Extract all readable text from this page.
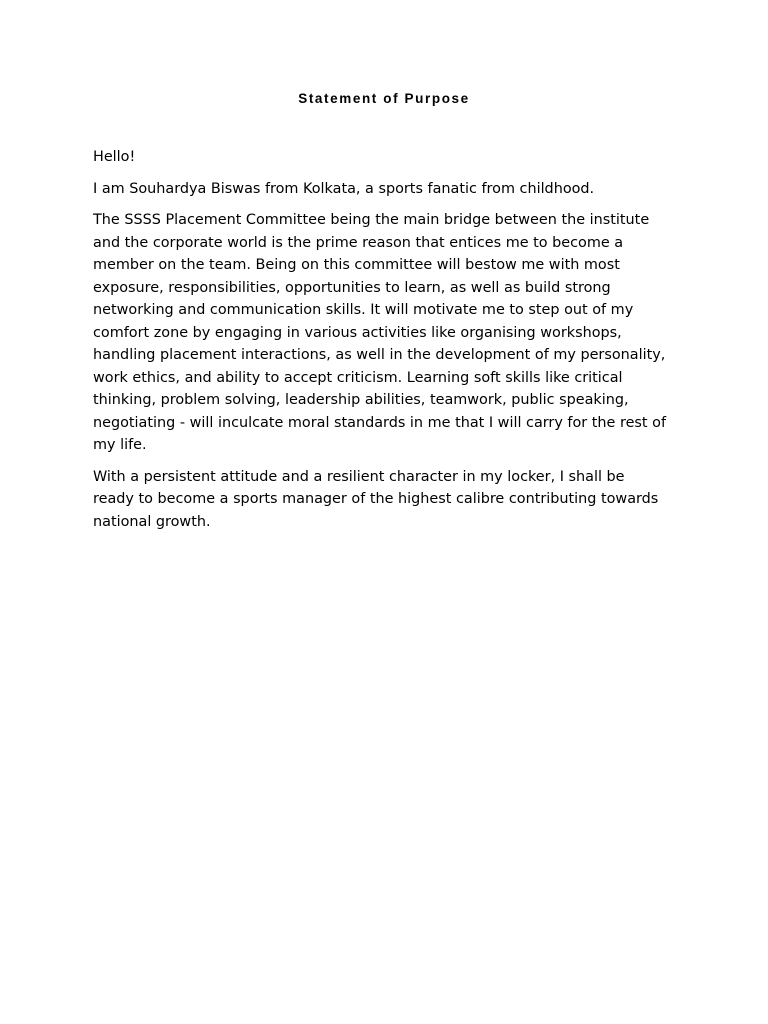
Statement of Purpose

Hello!

I am Souhardya Biswas from Kolkata, a sports fanatic from childhood.

The SSSS Placement Committee being the main bridge between the institute
and the corporate world is the prime reason that entices me to become a
member on the team. Being on this committee will bestow me with most
exposure, responsibilities, opportunities to learn, as well as build strong
networking and communication skills. It will motivate me to step out of my
comfort zone by engaging in various activities like organising workshops,
handling placement interactions, as well in the development of my personality,
work ethics, and ability to accept criticism. Learning soft skills like critical
thinking, problem solving, leadership abilities, teamwork, public speaking,
negotiating - will inculcate moral standards in me that I will carry for the rest of
my life.

With a persistent attitude and a resilient character in my locker, I shall be
ready to become a sports manager of the highest calibre contributing towards
national growth.
